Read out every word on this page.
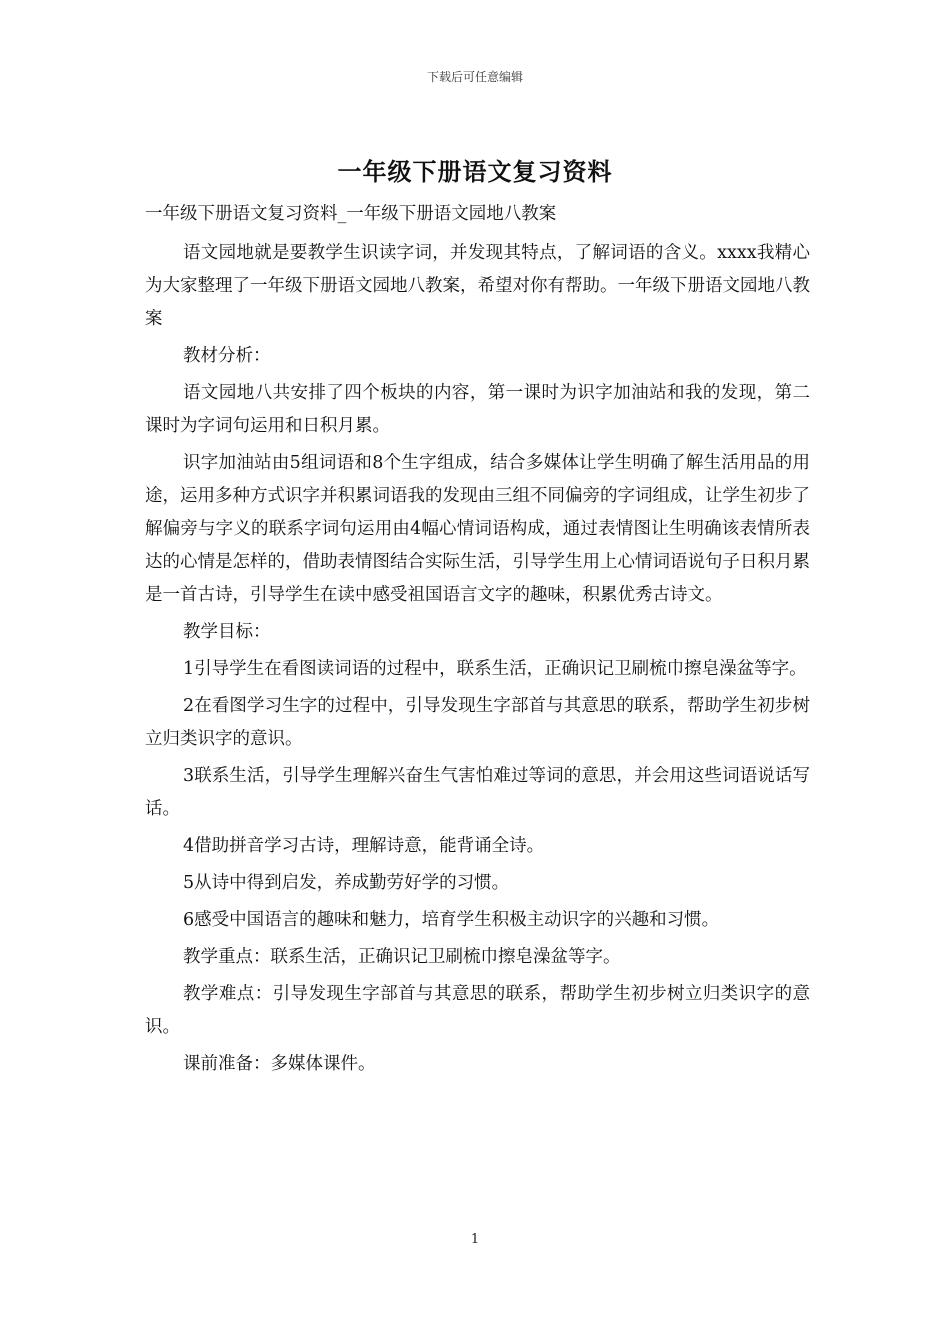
下载后可任意编辑
一年级下册语文复习资料

一年级下册语文复习资料_一年级下册语文园地八教案

语文园地就是要教学生识读字词，并发现其特点，了解词语的含义。xxxx我精心为大家整理了一年级下册语文园地八教案，希望对你有帮助。一年级下册语文园地八教案

教材分析：

语文园地八共安排了四个板块的内容，第一课时为识字加油站和我的发现，第二课时为字词句运用和日积月累。

识字加油站由5组词语和8个生字组成，结合多媒体让学生明确了解生活用品的用途，运用多种方式识字并积累词语我的发现由三组不同偏旁的字词组成，让学生初步了解偏旁与字义的联系字词句运用由4幅心情词语构成，通过表情图让生明确该表情所表达的心情是怎样的，借助表情图结合实际生活，引导学生用上心情词语说句子日积月累是一首古诗，引导学生在读中感受祖国语言文字的趣味，积累优秀古诗文。

教学目标：

1引导学生在看图读词语的过程中，联系生活，正确识记卫刷梳巾擦皂澡盆等字。

2在看图学习生字的过程中，引导发现生字部首与其意思的联系，帮助学生初步树立归类识字的意识。

3联系生活，引导学生理解兴奋生气害怕难过等词的意思，并会用这些词语说话写话。

4借助拼音学习古诗，理解诗意，能背诵全诗。

5从诗中得到启发，养成勤劳好学的习惯。

6感受中国语言的趣味和魅力，培育学生积极主动识字的兴趣和习惯。

教学重点：联系生活，正确识记卫刷梳巾擦皂澡盆等字。

教学难点：引导发现生字部首与其意思的联系，帮助学生初步树立归类识字的意识。

课前准备：多媒体课件。

1
